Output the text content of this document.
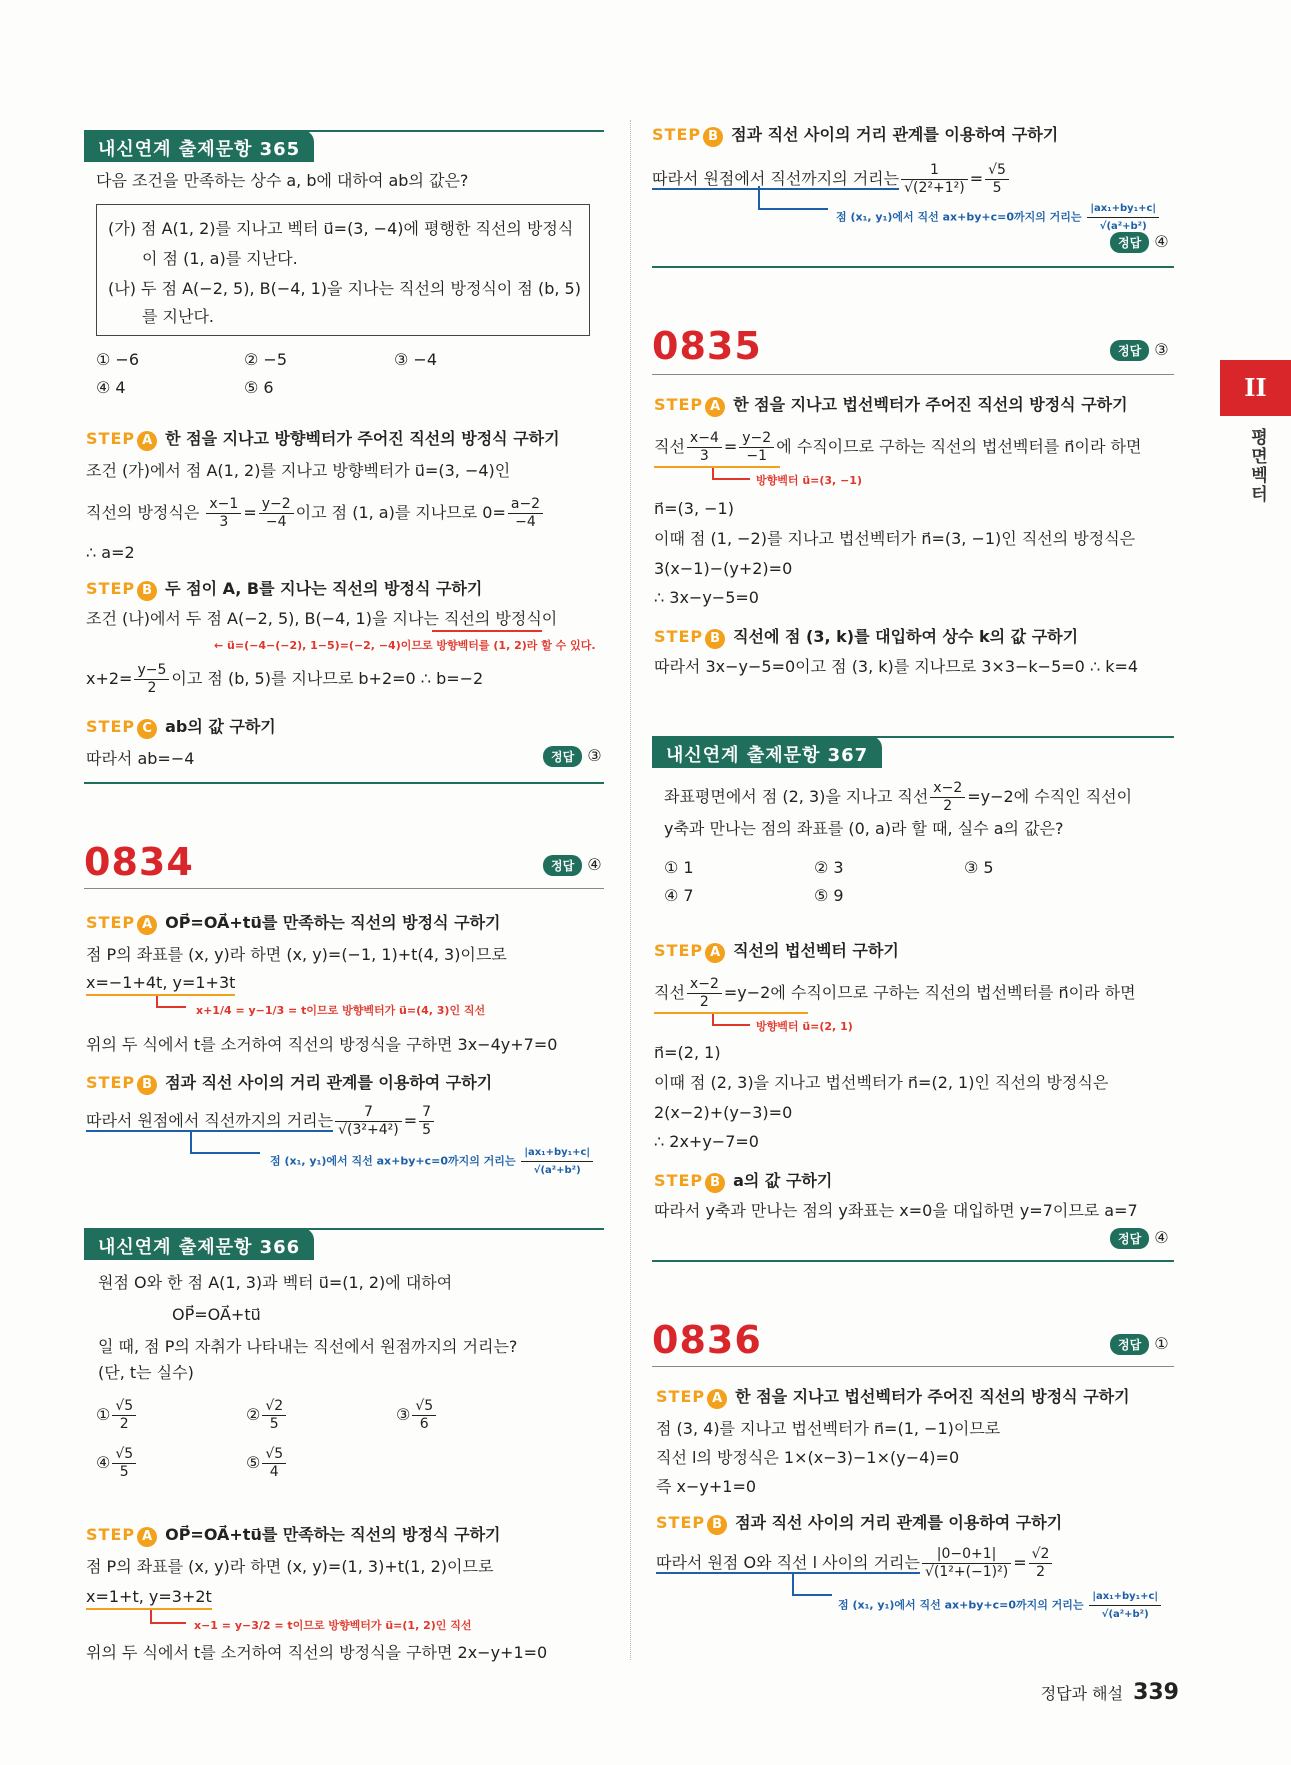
II
평면벡터
내신연계 출제문항 365
다음 조건을 만족하는 상수 a, b에 대하여 ab의 값은?
(가) 점 A(1, 2)를 지나고 벡터 u⃗=(3, −4)에 평행한 직선의 방정식
이 점 (1, a)를 지난다.
(나) 두 점 A(−2, 5), B(−4, 1)을 지나는 직선의 방정식이 점 (b, 5)
를 지난다.
① −6	② −5	③ −4
④ 4	⑤ 6
STEP A 한 점을 지나고 방향벡터가 주어진 직선의 방정식 구하기
조건 (가)에서 점 A(1, 2)를 지나고 방향벡터가 u⃗=(3, −4)인
직선의 방정식은 $\frac{x-1}{3} = \frac{y-2}{-4}$ 이고 점 (1, a)를 지나므로 $0= \frac{a-2}{-4}$
∴ a=2
STEP B 두 점이 A, B를 지나는 직선의 방정식 구하기
조건 (나)에서 두 점 A(−2, 5), B(−4, 1)을 지나는 직선의 방정식이
← u⃗=(−4−(−2), 1−5)=(−2, −4)이므로 방향벡터를 (1, 2)라 할 수 있다.
$x+2= \frac{y-5}{2}$ 이고 점 (b, 5)를 지나므로 b+2=0 ∴ b=−2
STEP C ab의 값 구하기
따라서 ab=−4	정답 ③
0834	정답 ④
STEP A OP⃗=OA⃗+tu⃗를 만족하는 직선의 방정식 구하기
점 P의 좌표를 (x, y)라 하면 (x, y)=(−1, 1)+t(4, 3)이므로
x=−1+4t, y=1+3t
x+1/4 = y−1/3 = t이므로 방향벡터가 u⃗=(4, 3)인 직선
위의 두 식에서 t를 소거하여 직선의 방정식을 구하면 3x−4y+7=0
STEP B 점과 직선 사이의 거리 관계를 이용하여 구하기
따라서 원점에서 직선까지의 거리는 $\frac{7}{\text{√(3²+4²)}} = \frac{7}{5}$
점 (x₁, y₁)에서 직선 ax+by+c=0까지의 거리는 $\frac{\text{|ax₁+by₁+c|}}{\text{√(a²+b²)}}$
내신연계 출제문항 366
원점 O와 한 점 A(1, 3)과 벡터 u⃗=(1, 2)에 대하여
OP⃗=OA⃗+tu⃗
일 때, 점 P의 자취가 나타내는 직선에서 원점까지의 거리는?
(단, t는 실수)
① $\frac{√5}{2}$	② $\frac{√2}{5}$	③ $\frac{√5}{6}$
④ $\frac{√5}{5}$	⑤ $\frac{√5}{4}$
STEP A OP⃗=OA⃗+tu⃗를 만족하는 직선의 방정식 구하기
점 P의 좌표를 (x, y)라 하면 (x, y)=(1, 3)+t(1, 2)이므로
x=1+t, y=3+2t
x−1 = y−3/2 = t이므로 방향벡터가 u⃗=(1, 2)인 직선
위의 두 식에서 t를 소거하여 직선의 방정식을 구하면 2x−y+1=0
STEP B 점과 직선 사이의 거리 관계를 이용하여 구하기
따라서 원점에서 직선까지의 거리는 $\frac{1}{\text{√(2²+1²)}} = \frac{√5}{5}$
점 (x₁, y₁)에서 직선 ax+by+c=0까지의 거리는 $\frac{\text{|ax₁+by₁+c|}}{\text{√(a²+b²)}}$
정답 ④
0835	정답 ③
STEP A 한 점을 지나고 법선벡터가 주어진 직선의 방정식 구하기
직선 $\frac{x-4}{3} = \frac{y-2}{-1}$ 에 수직이므로 구하는 직선의 법선벡터를 n⃗이라 하면
방향벡터 u⃗=(3, −1)
n⃗=(3, −1)
이때 점 (1, −2)를 지나고 법선벡터가 n⃗=(3, −1)인 직선의 방정식은
3(x−1)−(y+2)=0
∴ 3x−y−5=0
STEP B 직선에 점 (3, k)를 대입하여 상수 k의 값 구하기
따라서 3x−y−5=0이고 점 (3, k)를 지나므로 3×3−k−5=0 ∴ k=4
내신연계 출제문항 367
좌표평면에서 점 (2, 3)을 지나고 직선 $\frac{x-2}{2} =y-2$에 수직인 직선이
y축과 만나는 점의 좌표를 (0, a)라 할 때, 실수 a의 값은?
① 1	② 3	③ 5
④ 7	⑤ 9
STEP A 직선의 법선벡터 구하기
직선 $\frac{x-2}{2} =y-2$에 수직이므로 구하는 직선의 법선벡터를 n⃗이라 하면
방향벡터 u⃗=(2, 1)
n⃗=(2, 1)
이때 점 (2, 3)을 지나고 법선벡터가 n⃗=(2, 1)인 직선의 방정식은
2(x−2)+(y−3)=0
∴ 2x+y−7=0
STEP B a의 값 구하기
따라서 y축과 만나는 점의 y좌표는 x=0을 대입하면 y=7이므로 a=7
정답 ④
0836	정답 ①
STEP A 한 점을 지나고 법선벡터가 주어진 직선의 방정식 구하기
점 (3, 4)를 지나고 법선벡터가 n⃗=(1, −1)이므로
직선 l의 방정식은 1×(x−3)−1×(y−4)=0
즉 x−y+1=0
STEP B 점과 직선 사이의 거리 관계를 이용하여 구하기
따라서 원점 O와 직선 l 사이의 거리는 $\frac{|0-0+1|}{\text{√(1²+(−1)²)}} = \frac{√2}{2}$
점 (x₁, y₁)에서 직선 ax+by+c=0까지의 거리는 $\frac{\text{|ax₁+by₁+c|}}{\text{√(a²+b²)}}$
정답과 해설 339
